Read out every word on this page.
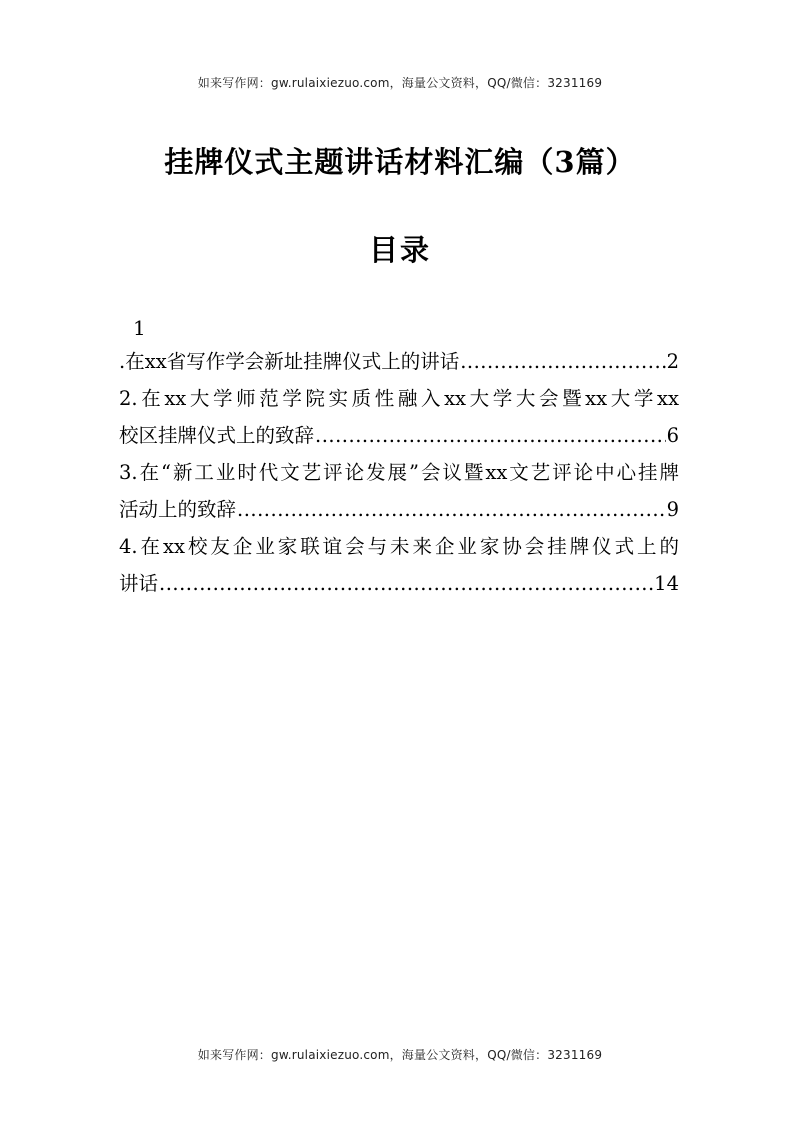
如来写作网：gw.rulaixiezuo.com，海量公文资料，QQ/微信：3231169
挂牌仪式主题讲话材料汇编（3篇）
目录
1
.在xx省写作学会新址挂牌仪式上的讲话 .....	2
2.在xx大学师范学院实质性融入xx大学大会暨xx大学xx
校区挂牌仪式上的致辞 .....	6
3.在“新工业时代文艺评论发展”会议暨xx文艺评论中心挂牌
活动上的致辞 .....	9
4.在xx校友企业家联谊会与未来企业家协会挂牌仪式上的
讲话 .....	14
如来写作网：gw.rulaixiezuo.com，海量公文资料，QQ/微信：3231169
